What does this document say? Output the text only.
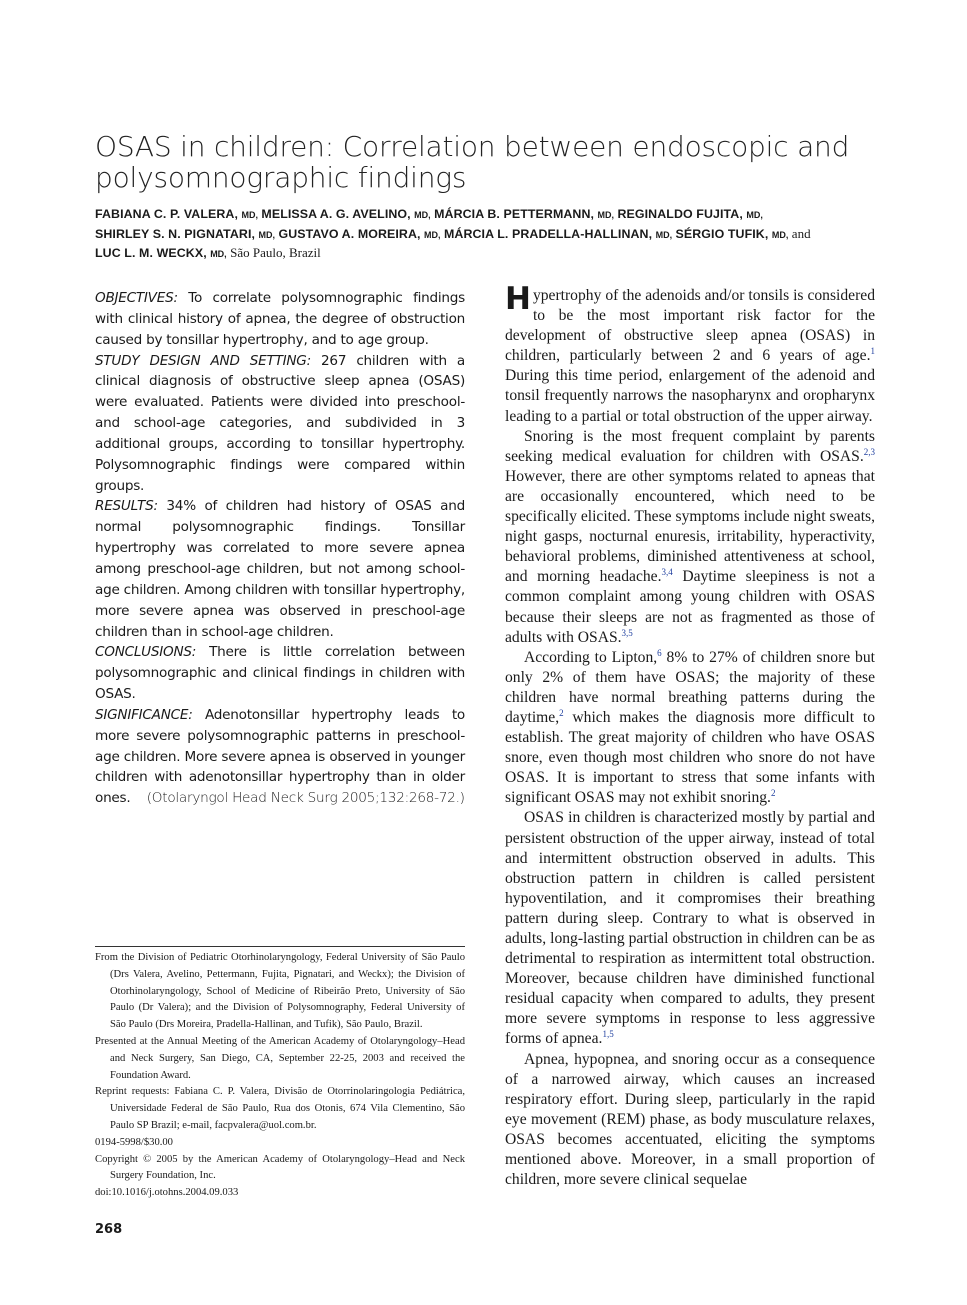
OSAS in children: Correlation between endoscopic and polysomnographic findings
FABIANA C. P. VALERA, MD, MELISSA A. G. AVELINO, MD, MÁRCIA B. PETTERMANN, MD, REGINALDO FUJITA, MD,
SHIRLEY S. N. PIGNATARI, MD, GUSTAVO A. MOREIRA, MD, MÁRCIA L. PRADELLA-HALLINAN, MD, SÉRGIO TUFIK, MD, and
LUC L. M. WECKX, MD, São Paulo, Brazil

OBJECTIVES: To correlate polysomnographic findings with clinical history of apnea, the degree of obstruction caused by tonsillar hypertrophy, and to age group.

STUDY DESIGN AND SETTING: 267 children with a clinical diagnosis of obstructive sleep apnea (OSAS) were evaluated. Patients were divided into preschool- and school-age categories, and subdivided in 3 additional groups, according to tonsillar hypertrophy. Polysomnographic findings were compared within groups.

RESULTS: 34% of children had history of OSAS and normal polysomnographic findings. Tonsillar hypertrophy was correlated to more severe apnea among preschool-age children, but not among school-age children. Among children with tonsillar hypertrophy, more severe apnea was observed in preschool-age children than in school-age children.

CONCLUSIONS: There is little correlation between polysomnographic and clinical findings in children with OSAS.

SIGNIFICANCE: Adenotonsillar hypertrophy leads to more severe polysomnographic patterns in preschool-age children. More severe apnea is observed in younger children with adenotonsillar hypertrophy than in older ones. (Otolaryngol Head Neck Surg 2005;132:268-72.)

From the Division of Pediatric Otorhinolaryngology, Federal University of São Paulo (Drs Valera, Avelino, Pettermann, Fujita, Pignatari, and Weckx); the Division of Otorhinolaryngology, School of Medicine of Ribeirão Preto, University of São Paulo (Dr Valera); and the Division of Polysomnography, Federal University of São Paulo (Drs Moreira, Pradella-Hallinan, and Tufik), São Paulo, Brazil.

Presented at the Annual Meeting of the American Academy of Otolaryngology–Head and Neck Surgery, San Diego, CA, September 22-25, 2003 and received the Foundation Award.

Reprint requests: Fabiana C. P. Valera, Divisão de Otorrinolaringologia Pediátrica, Universidade Federal de São Paulo, Rua dos Otonis, 674 Vila Clementino, São Paulo SP Brazil; e-mail, facpvalera@uol.com.br.

0194-5998/$30.00

Copyright © 2005 by the American Academy of Otolaryngology–Head and Neck Surgery Foundation, Inc.

doi:10.1016/j.otohns.2004.09.033

268

Hypertrophy of the adenoids and/or tonsils is considered to be the most important risk factor for the development of obstructive sleep apnea (OSAS) in children, particularly between 2 and 6 years of age.$^1$ During this time period, enlargement of the adenoid and tonsil frequently narrows the nasopharynx and oropharynx leading to a partial or total obstruction of the upper airway.

Snoring is the most frequent complaint by parents seeking medical evaluation for children with OSAS.$^{2,3}$ However, there are other symptoms related to apneas that are occasionally encountered, which need to be specifically elicited. These symptoms include night sweats, night gasps, nocturnal enuresis, irritability, hyperactivity, behavioral problems, diminished attentiveness at school, and morning headache.$^{3,4}$ Daytime sleepiness is not a common complaint among young children with OSAS because their sleeps are not as fragmented as those of adults with OSAS.$^{3,5}$

According to Lipton,$^6$ 8% to 27% of children snore but only 2% of them have OSAS; the majority of these children have normal breathing patterns during the daytime,$^2$ which makes the diagnosis more difficult to establish. The great majority of children who have OSAS snore, even though most children who snore do not have OSAS. It is important to stress that some infants with significant OSAS may not exhibit snoring.$^2$

OSAS in children is characterized mostly by partial and persistent obstruction of the upper airway, instead of total and intermittent obstruction observed in adults. This obstruction pattern in children is called persistent hypoventilation, and it compromises their breathing pattern during sleep. Contrary to what is observed in adults, long-lasting partial obstruction in children can be as detrimental to respiration as intermittent total obstruction. Moreover, because children have diminished functional residual capacity when compared to adults, they present more severe symptoms in response to less aggressive forms of apnea.$^{1,5}$

Apnea, hypopnea, and snoring occur as a consequence of a narrowed airway, which causes an increased respiratory effort. During sleep, particularly in the rapid eye movement (REM) phase, as body musculature relaxes, OSAS becomes accentuated, eliciting the symptoms mentioned above. Moreover, in a small proportion of children, more severe clinical sequelae
